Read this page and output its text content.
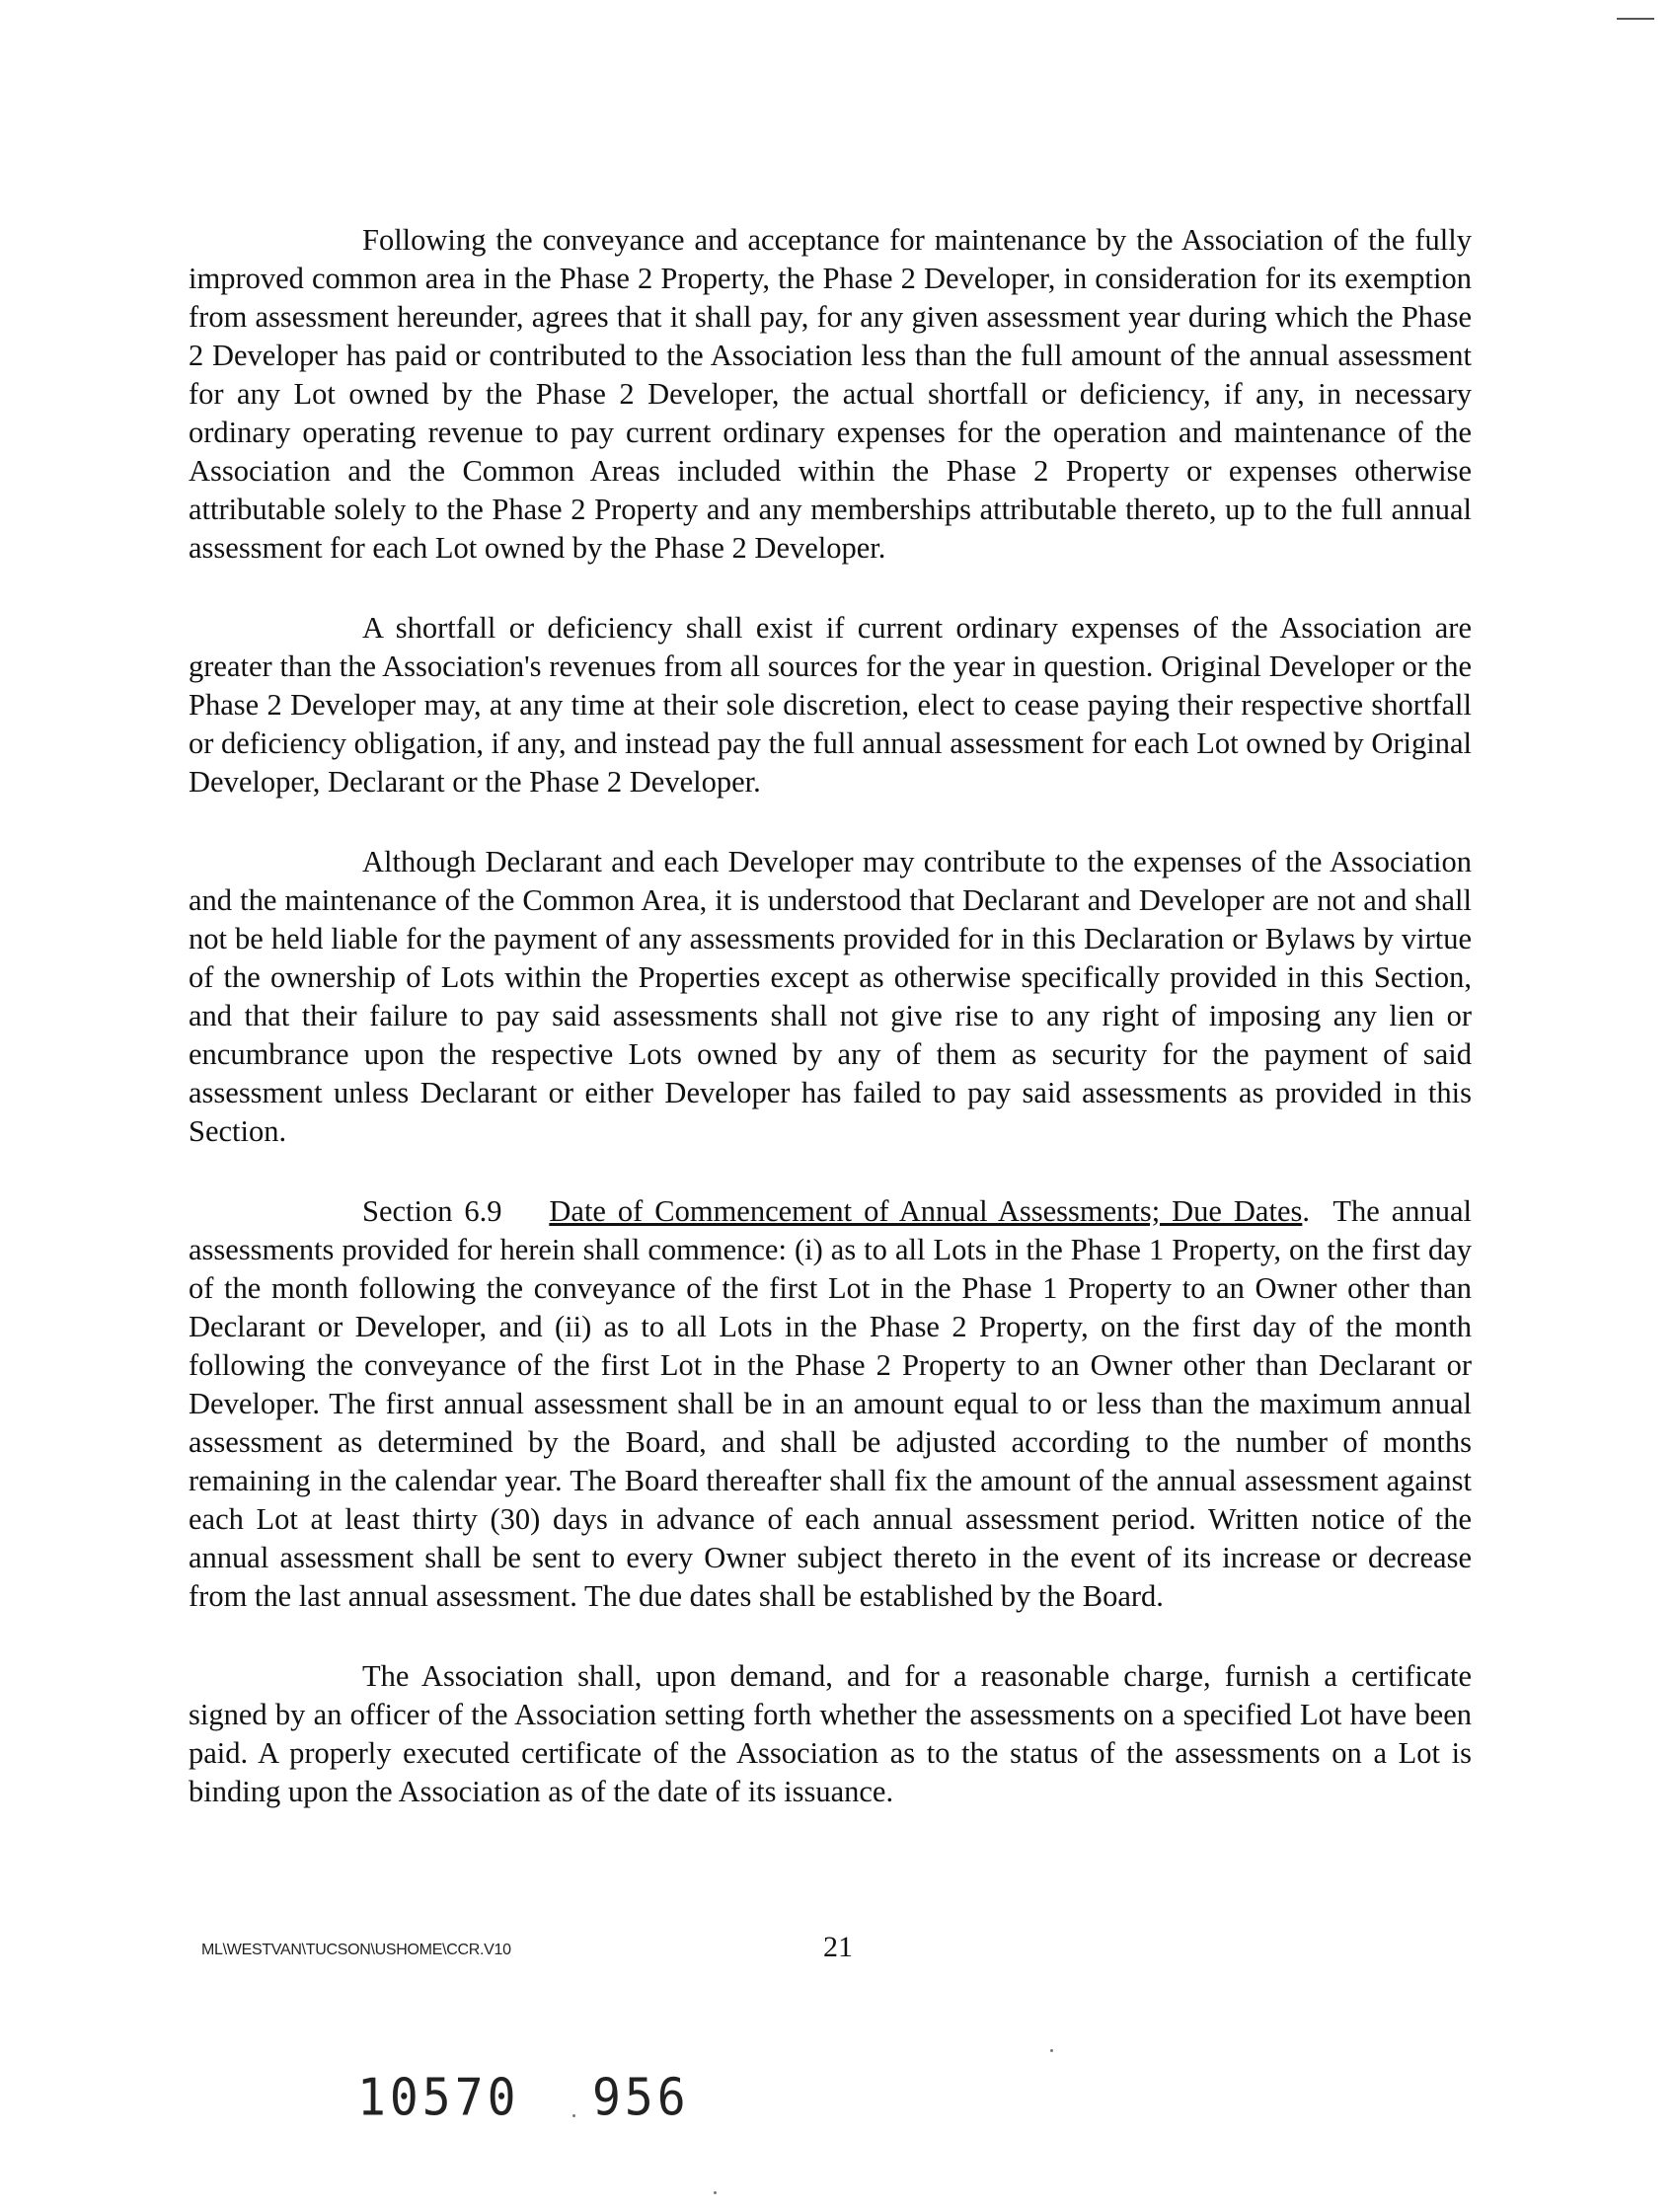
Following the conveyance and acceptance for maintenance by the Association of the fully improved common area in the Phase 2 Property, the Phase 2 Developer, in consideration for its exemption from assessment hereunder, agrees that it shall pay, for any given assessment year during which the Phase 2 Developer has paid or contributed to the Association less than the full amount of the annual assessment for any Lot owned by the Phase 2 Developer, the actual shortfall or deficiency, if any, in necessary ordinary operating revenue to pay current ordinary expenses for the operation and maintenance of the Association and the Common Areas included within the Phase 2 Property or expenses otherwise attributable solely to the Phase 2 Property and any memberships attributable thereto, up to the full annual assessment for each Lot owned by the Phase 2 Developer.

A shortfall or deficiency shall exist if current ordinary expenses of the Association are greater than the Association's revenues from all sources for the year in question. Original Developer or the Phase 2 Developer may, at any time at their sole discretion, elect to cease paying their respective shortfall or deficiency obligation, if any, and instead pay the full annual assessment for each Lot owned by Original Developer, Declarant or the Phase 2 Developer.

Although Declarant and each Developer may contribute to the expenses of the Association and the maintenance of the Common Area, it is understood that Declarant and Developer are not and shall not be held liable for the payment of any assessments provided for in this Declaration or Bylaws by virtue of the ownership of Lots within the Properties except as otherwise specifically provided in this Section, and that their failure to pay said assessments shall not give rise to any right of imposing any lien or encumbrance upon the respective Lots owned by any of them as security for the payment of said assessment unless Declarant or either Developer has failed to pay said assessments as provided in this Section.

Section 6.9 Date of Commencement of Annual Assessments; Due Dates. The annual assessments provided for herein shall commence: (i) as to all Lots in the Phase 1 Property, on the first day of the month following the conveyance of the first Lot in the Phase 1 Property to an Owner other than Declarant or Developer, and (ii) as to all Lots in the Phase 2 Property, on the first day of the month following the conveyance of the first Lot in the Phase 2 Property to an Owner other than Declarant or Developer. The first annual assessment shall be in an amount equal to or less than the maximum annual assessment as determined by the Board, and shall be adjusted according to the number of months remaining in the calendar year. The Board thereafter shall fix the amount of the annual assessment against each Lot at least thirty (30) days in advance of each annual assessment period. Written notice of the annual assessment shall be sent to every Owner subject thereto in the event of its increase or decrease from the last annual assessment. The due dates shall be established by the Board.

The Association shall, upon demand, and for a reasonable charge, furnish a certificate signed by an officer of the Association setting forth whether the assessments on a specified Lot have been paid. A properly executed certificate of the Association as to the status of the assessments on a Lot is binding upon the Association as of the date of its issuance.

ML\WESTVAN\TUCSON\USHOME\CCR.V10	21
10570 956
